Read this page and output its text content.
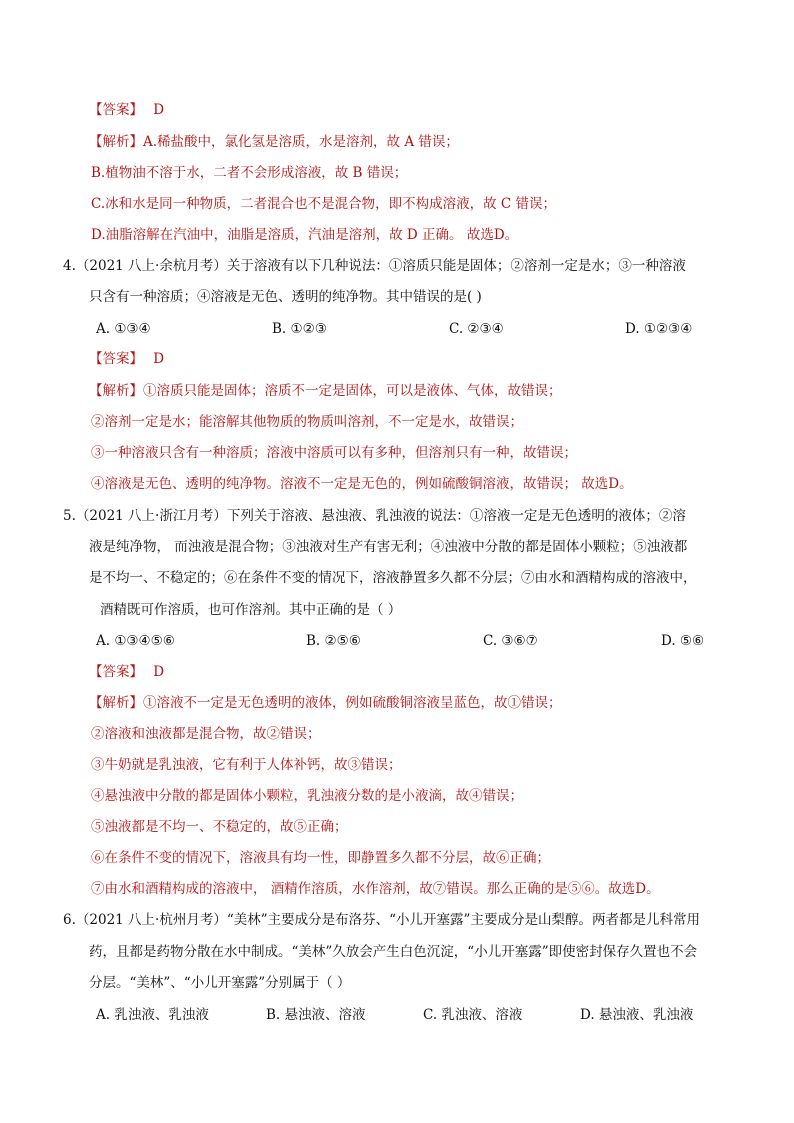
【答案】 D
【解析】A.稀盐酸中，氯化氢是溶质，水是溶剂，故 A 错误；
B.植物油不溶于水，二者不会形成溶液，故 B 错误；
C.冰和水是同一种物质，二者混合也不是混合物，即不构成溶液，故 C 错误；
D.油脂溶解在汽油中，油脂是溶质，汽油是溶剂，故 D 正确。 故选D。
4.（2021 八上·余杭月考）关于溶液有以下几种说法：①溶质只能是固体；②溶剂一定是水；③一种溶液
只含有一种溶质；④溶液是无色、透明的纯净物。其中错误的是( )
A. ①③④	B. ①②③	C. ②③④	D. ①②③④
【答案】 D
【解析】①溶质只能是固体；溶质不一定是固体，可以是液体、气体，故错误；
②溶剂一定是水；能溶解其他物质的物质叫溶剂，不一定是水，故错误；
③一种溶液只含有一种溶质；溶液中溶质可以有多种，但溶剂只有一种，故错误；
④溶液是无色、透明的纯净物。溶液不一定是无色的，例如硫酸铜溶液，故错误； 故选D。
5.（2021 八上·浙江月考）下列关于溶液、悬浊液、乳浊液的说法：①溶液一定是无色透明的液体；②溶
液是纯净物， 而浊液是混合物；③浊液对生产有害无利；④浊液中分散的都是固体小颗粒；⑤浊液都
是不均一、不稳定的；⑥在条件不变的情况下，溶液静置多久都不分层；⑦由水和酒精构成的溶液中，
酒精既可作溶质，也可作溶剂。其中正确的是（ ）
A. ①③④⑤⑥	B. ②⑤⑥	C. ③⑥⑦	D. ⑤⑥
【答案】 D
【解析】①溶液不一定是无色透明的液体，例如硫酸铜溶液呈蓝色，故①错误；
②溶液和浊液都是混合物，故②错误；
③牛奶就是乳浊液，它有利于人体补钙，故③错误；
④悬浊液中分散的都是固体小颗粒，乳浊液分数的是小液滴，故④错误；
⑤浊液都是不均一、不稳定的，故⑤正确；
⑥在条件不变的情况下，溶液具有均一性，即静置多久都不分层，故⑥正确；
⑦由水和酒精构成的溶液中， 酒精作溶质，水作溶剂，故⑦错误。那么正确的是⑤⑥。故选D。
6.（2021 八上·杭州月考）“美林”主要成分是布洛芬、“小儿开塞露”主要成分是山梨醇。两者都是儿科常用
药，且都是药物分散在水中制成。“美林”久放会产生白色沉淀，“小儿开塞露”即使密封保存久置也不会
分层。“美林”、“小儿开塞露”分别属于（ ）
A. 乳浊液、乳浊液	B. 悬浊液、溶液	C. 乳浊液、溶液	D. 悬浊液、乳浊液
